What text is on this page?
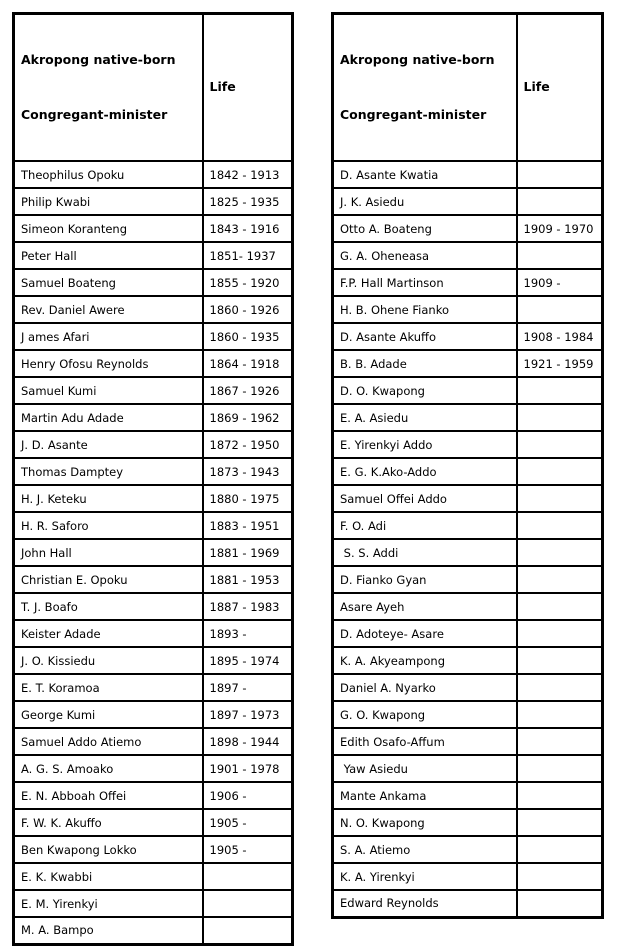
Akropong native-born

Congregant-minister	Life
Theophilus Opoku	1842 - 1913
Philip Kwabi	1825 - 1935
Simeon Koranteng	1843 - 1916
Peter Hall	1851- 1937
Samuel Boateng	1855 - 1920
Rev. Daniel Awere	1860 - 1926
J ames Afari	1860 - 1935
Henry Ofosu Reynolds	1864 - 1918
Samuel Kumi	1867 - 1926
Martin Adu Adade	1869 - 1962
J. D. Asante	1872 - 1950
Thomas Damptey	1873 - 1943
H. J. Keteku	1880 - 1975
H. R. Saforo	1883 - 1951
John Hall	1881 - 1969
Christian E. Opoku	1881 - 1953
T. J. Boafo	1887 - 1983
Keister Adade	1893 -
J. O. Kissiedu	1895 - 1974
E. T. Koramoa	1897 -
George Kumi	1897 - 1973
Samuel Addo Atiemo	1898 - 1944
A. G. S. Amoako	1901 - 1978
E. N. Abboah Offei	1906 -
F. W. K. Akuffo	1905 -
Ben Kwapong Lokko	1905 -
E. K. Kwabbi	
E. M. Yirenkyi	
M. A. Bampo	

Akropong native-born

Congregant-minister	Life
D. Asante Kwatia	
J. K. Asiedu	
Otto A. Boateng	1909 - 1970
G. A. Oheneasa	
F.P. Hall Martinson	1909 -
H. B. Ohene Fianko	
D. Asante Akuffo	1908 - 1984
B. B. Adade	1921 - 1959
D. O. Kwapong	
E. A. Asiedu	
E. Yirenkyi Addo	
E. G. K.Ako-Addo	
Samuel Offei Addo	
F. O. Adi	
S. S. Addi	
D. Fianko Gyan	
Asare Ayeh	
D. Adoteye- Asare	
K. A. Akyeampong	
Daniel A. Nyarko	
G. O. Kwapong	
Edith Osafo-Affum	
Yaw Asiedu	
Mante Ankama	
N. O. Kwapong	
S. A. Atiemo	
K. A. Yirenkyi	
Edward Reynolds	
